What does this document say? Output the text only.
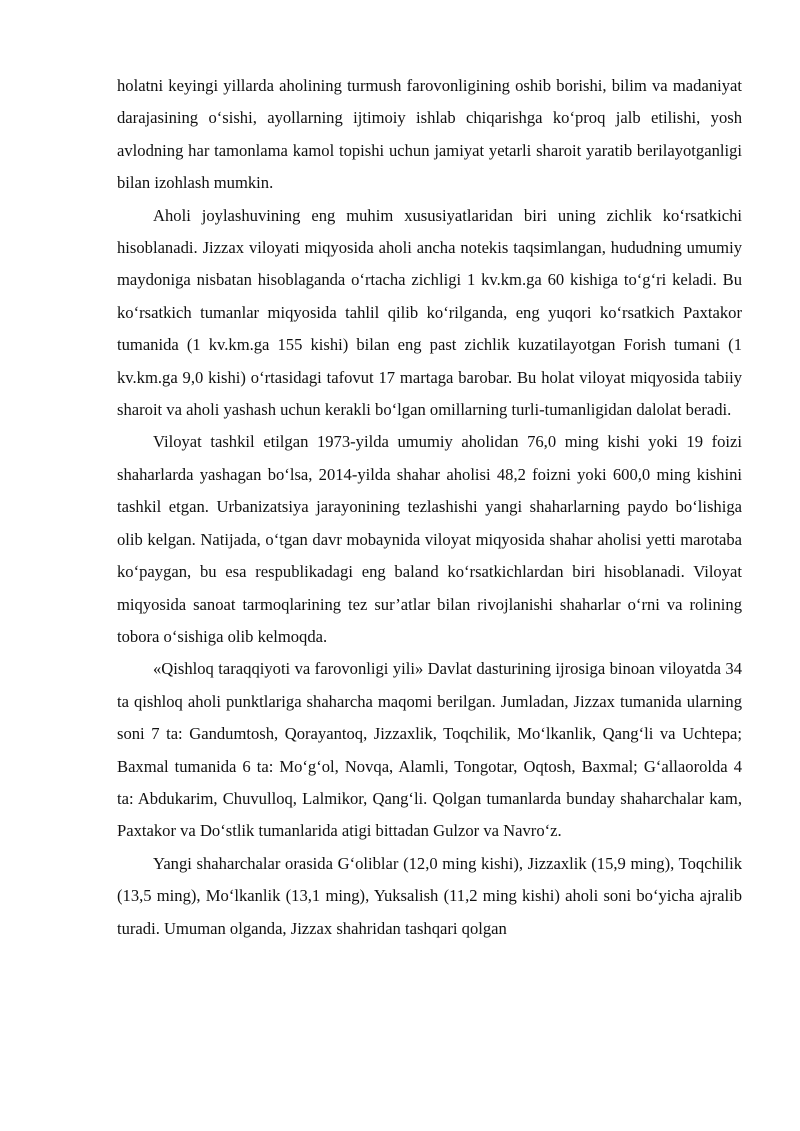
holatni keyingi yillarda aholining turmush farovonligining oshib borishi, bilim va madaniyat darajasining o‘sishi, ayollarning ijtimoiy ishlab chiqarishga ko‘proq jalb etilishi, yosh avlodning har tamonlama kamol topishi uchun jamiyat yetarli sharoit yaratib berilayotganligi bilan izohlash mumkin.

Aholi joylashuvining eng muhim xususiyatlaridan biri uning zichlik ko‘rsatkichi hisoblanadi. Jizzax viloyati miqyosida aholi ancha notekis taqsimlangan, hududning umumiy maydoniga nisbatan hisoblaganda o‘rtacha zichligi 1 kv.km.ga 60 kishiga to‘g‘ri keladi. Bu ko‘rsatkich tumanlar miqyosida tahlil qilib ko‘rilganda, eng yuqori ko‘rsatkich Paxtakor tumanida (1 kv.km.ga 155 kishi) bilan eng past zichlik kuzatilayotgan Forish tumani (1 kv.km.ga 9,0 kishi) o‘rtasidagi tafovut 17 martaga barobar. Bu holat viloyat miqyosida tabiiy sharoit va aholi yashash uchun kerakli bo‘lgan omillarning turli-tumanligidan dalolat beradi.

Viloyat tashkil etilgan 1973-yilda umumiy aholidan 76,0 ming kishi yoki 19 foizi shaharlarda yashagan bo‘lsa, 2014-yilda shahar aholisi 48,2 foizni yoki 600,0 ming kishini tashkil etgan. Urbanizatsiya jarayonining tezlashishi yangi shaharlarning paydo bo‘lishiga olib kelgan. Natijada, o‘tgan davr mobaynida viloyat miqyosida shahar aholisi yetti marotaba ko‘paygan, bu esa respublikadagi eng baland ko‘rsatkichlardan biri hisoblanadi. Viloyat miqyosida sanoat tarmoqlarining tez sur’atlar bilan rivojlanishi shaharlar o‘rni va rolining tobora o‘sishiga olib kelmoqda.

«Qishloq taraqqiyoti va farovonligi yili» Davlat dasturining ijrosiga binoan viloyatda 34 ta qishloq aholi punktlariga shaharcha maqomi berilgan. Jumladan, Jizzax tumanida ularning soni 7 ta: Gandumtosh, Qorayantoq, Jizzaxlik, Toqchilik, Mo‘lkanlik, Qang‘li va Uchtepa; Baxmal tumanida 6 ta: Mo‘g‘ol, Novqa, Alamli, Tongotar, Oqtosh, Baxmal; G‘allaorolda 4 ta: Abdukarim, Chuvulloq, Lalmikor, Qang‘li. Qolgan tumanlarda bunday shaharchalar kam, Paxtakor va Do‘stlik tumanlarida atigi bittadan Gulzor va Navro‘z.

Yangi shaharchalar orasida G‘oliblar (12,0 ming kishi), Jizzaxlik (15,9 ming), Toqchilik (13,5 ming), Mo‘lkanlik (13,1 ming), Yuksalish (11,2 ming kishi) aholi soni bo‘yicha ajralib turadi. Umuman olganda, Jizzax shahridan tashqari qolgan
